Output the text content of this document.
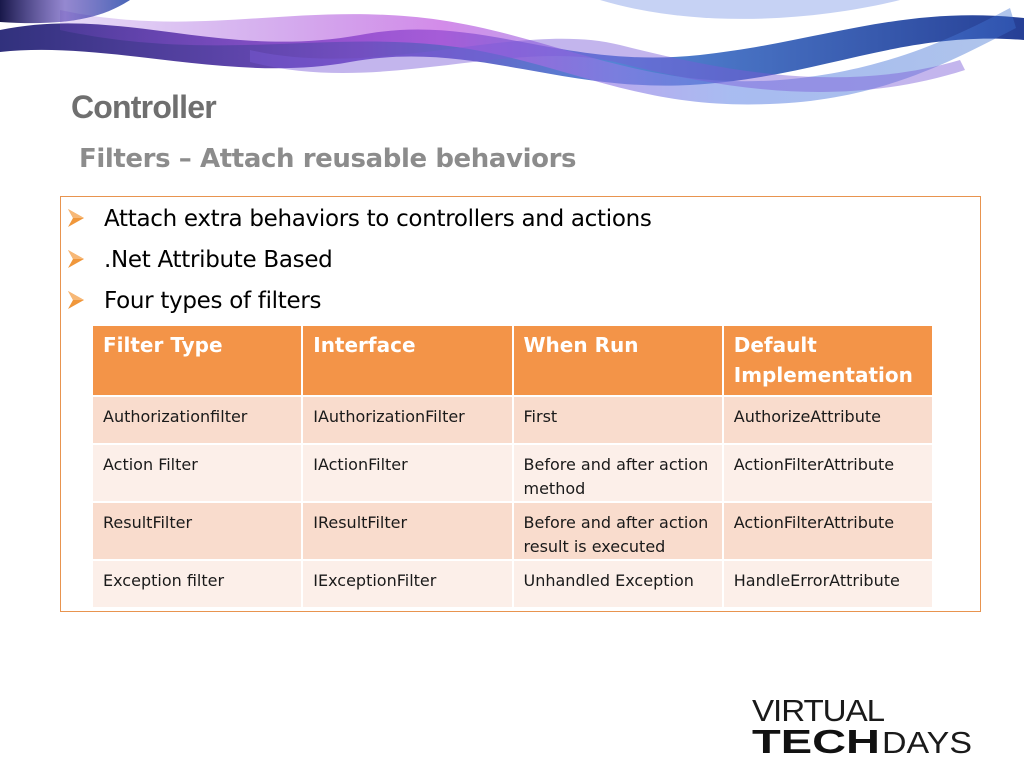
Controller
Filters – Attach reusable behaviors
Attach extra behaviors to controllers and actions
.Net Attribute Based
Four types of filters
Filter Type	Interface	When Run	Default Implementation
Authorizationfilter	IAuthorizationFilter	First	AuthorizeAttribute
Action Filter	IActionFilter	Before and after action method	ActionFilterAttribute
ResultFilter	IResultFilter	Before and after action result is executed	ActionFilterAttribute
Exception filter	IExceptionFilter	Unhandled Exception	HandleErrorAttribute
VIRTUAL
TECH DAYS
